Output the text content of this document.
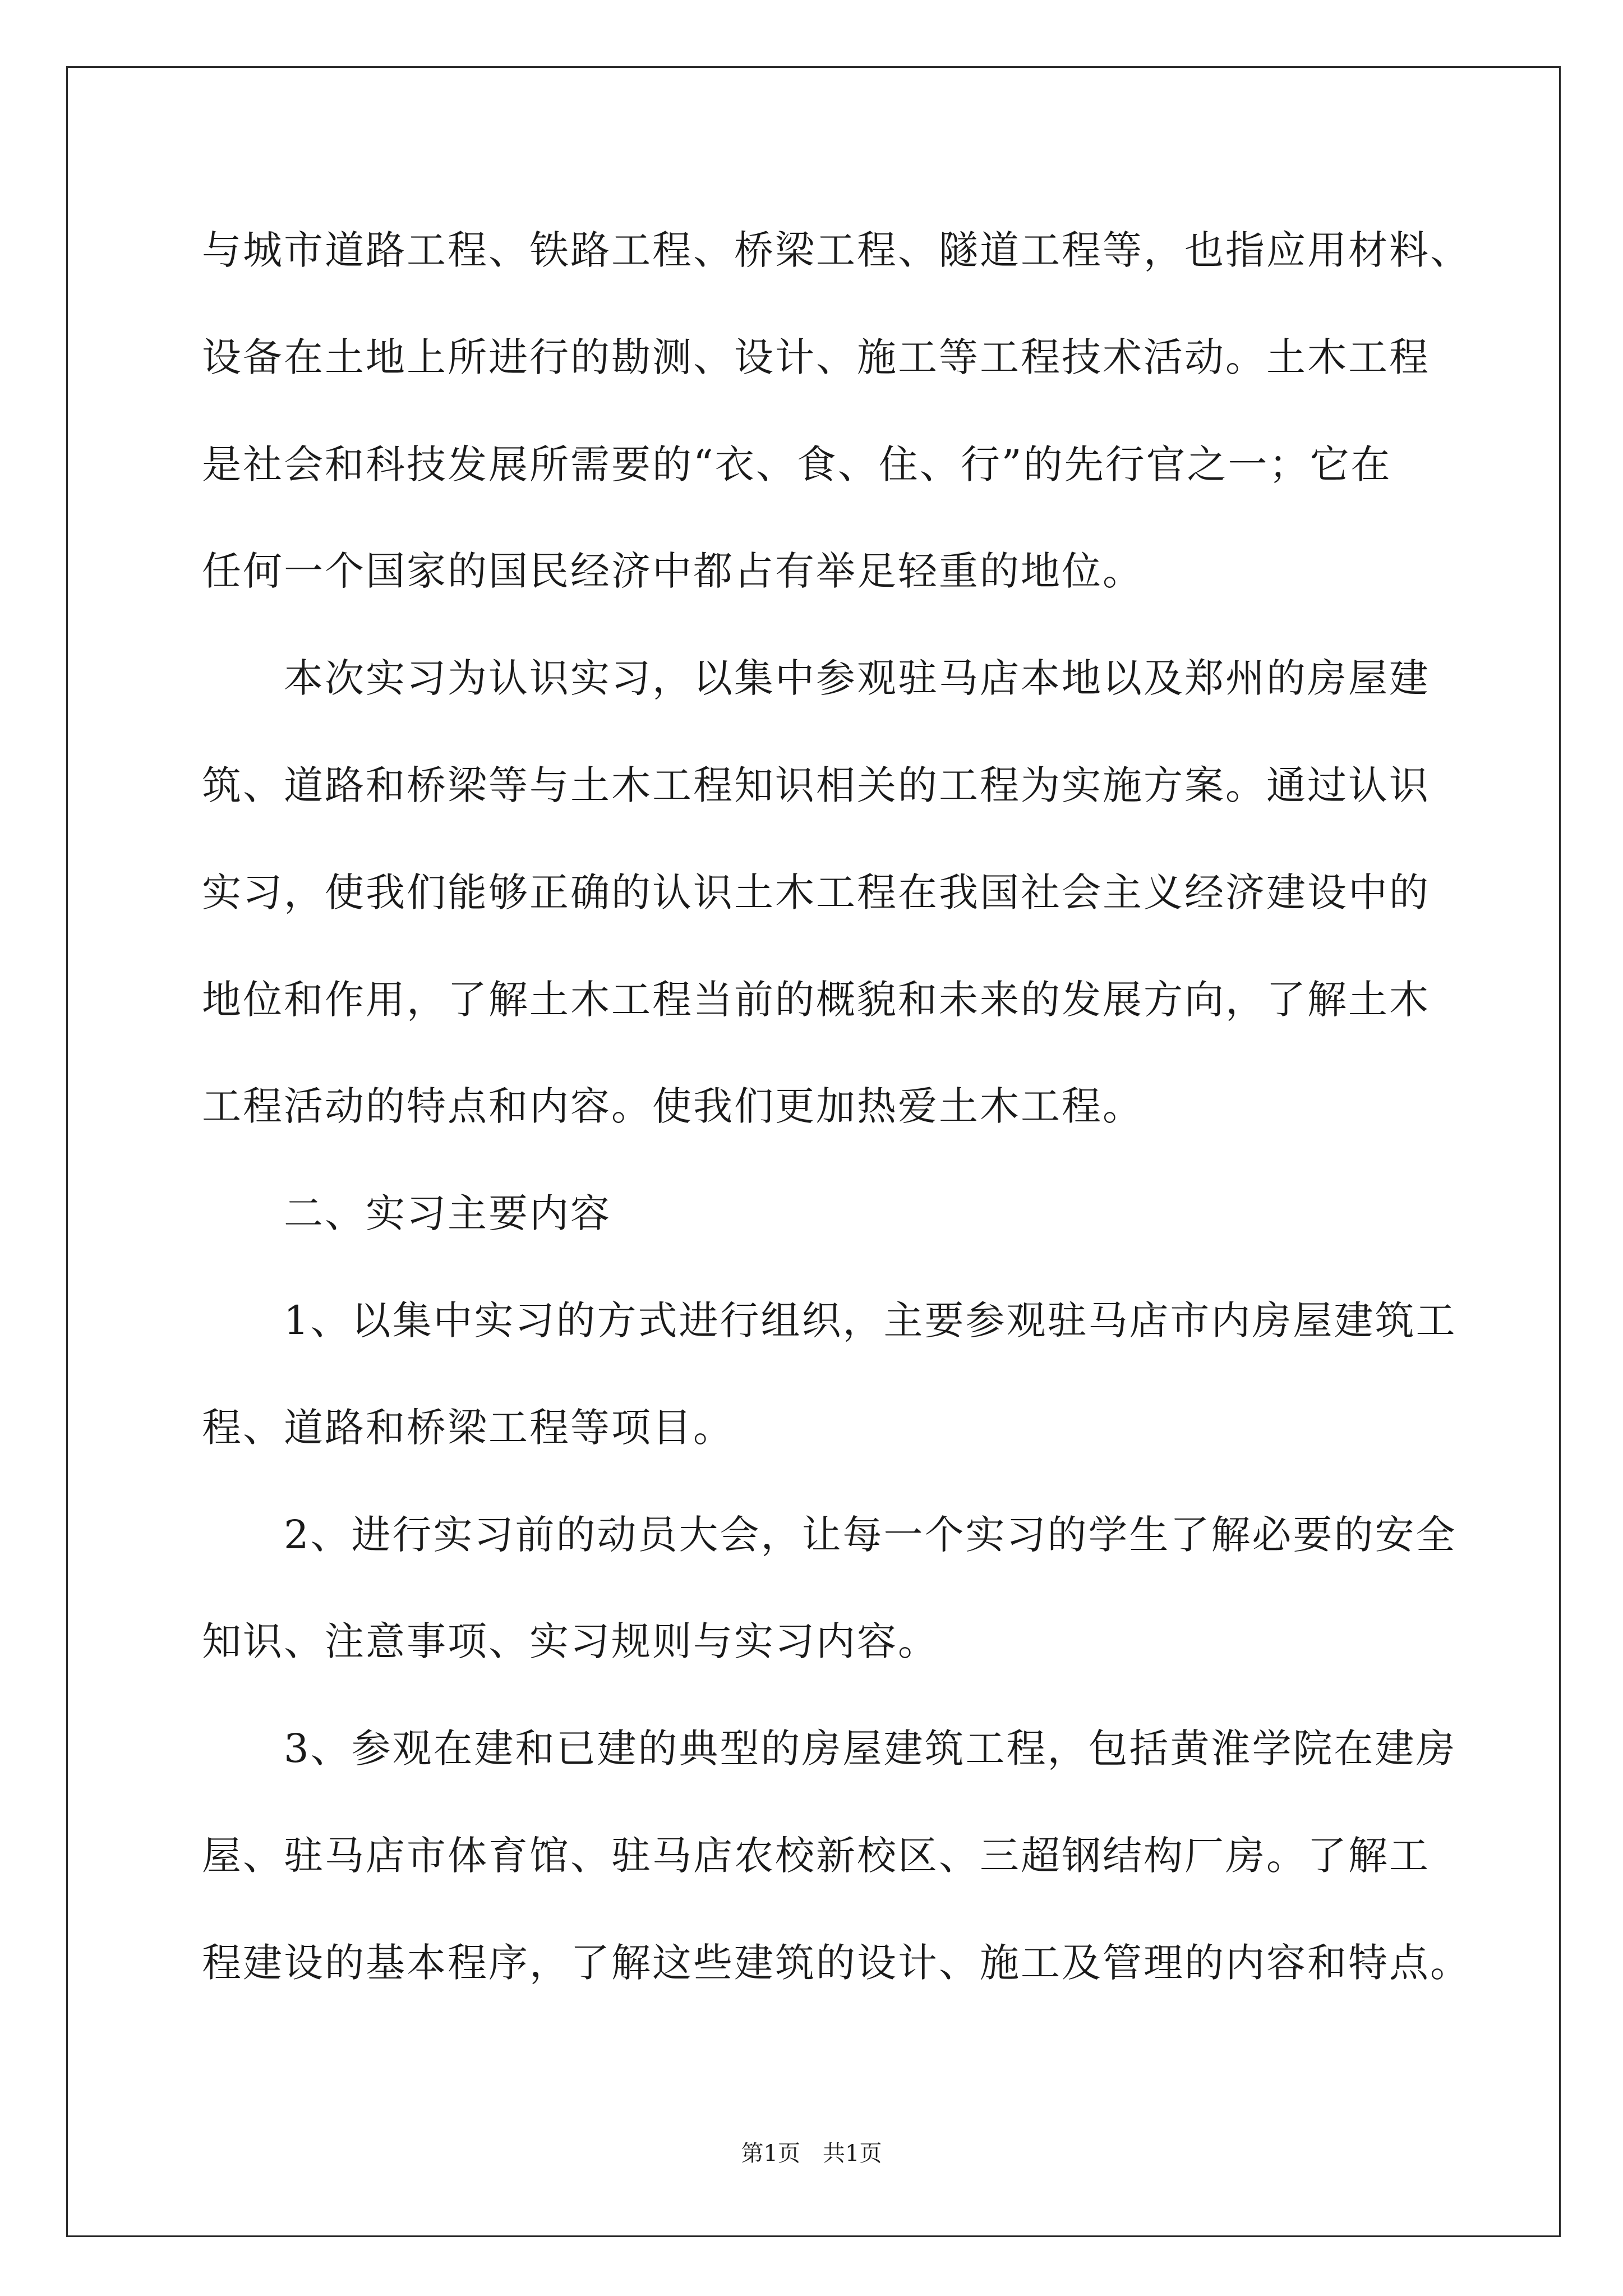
与城市道路工程、铁路工程、桥梁工程、隧道工程等，也指应用材料、
设备在土地上所进行的勘测、设计、施工等工程技术活动。土木工程
是社会和科技发展所需要的“衣、食、住、行”的先行官之一；它在
任何一个国家的国民经济中都占有举足轻重的地位。
本次实习为认识实习，以集中参观驻马店本地以及郑州的房屋建
筑、道路和桥梁等与土木工程知识相关的工程为实施方案。通过认识
实习，使我们能够正确的认识土木工程在我国社会主义经济建设中的
地位和作用，了解土木工程当前的概貌和未来的发展方向，了解土木
工程活动的特点和内容。使我们更加热爱土木工程。
二、实习主要内容
1、以集中实习的方式进行组织，主要参观驻马店市内房屋建筑工
程、道路和桥梁工程等项目。
2、进行实习前的动员大会，让每一个实习的学生了解必要的安全
知识、注意事项、实习规则与实习内容。
3、参观在建和已建的典型的房屋建筑工程，包括黄淮学院在建房
屋、驻马店市体育馆、驻马店农校新校区、三超钢结构厂房。了解工
程建设的基本程序，了解这些建筑的设计、施工及管理的内容和特点。
第1页 共1页
